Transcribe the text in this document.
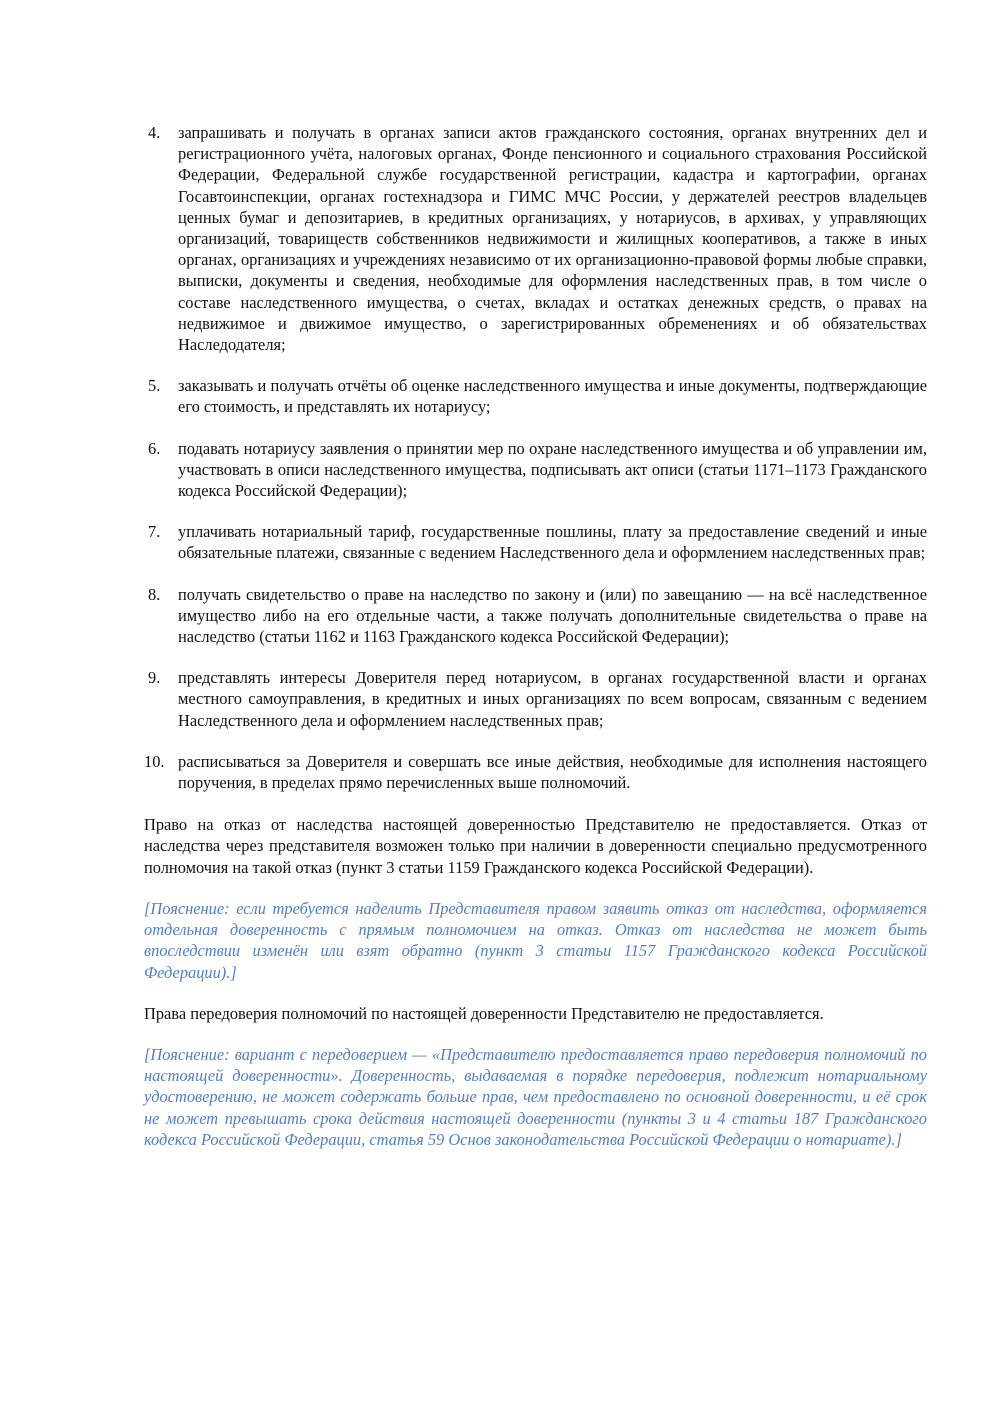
4. запрашивать и получать в органах записи актов гражданского состояния, органах внутренних дел и регистрационного учёта, налоговых органах, Фонде пенсионного и социального страхования Российской Федерации, Федеральной службе государственной регистрации, кадастра и картографии, органах Госавтоинспекции, органах гостехнадзора и ГИМС МЧС России, у держателей реестров владельцев ценных бумаг и депозитариев, в кредитных организациях, у нотариусов, в архивах, у управляющих организаций, товариществ собственников недвижимости и жилищных кооперативов, а также в иных органах, организациях и учреждениях независимо от их организационно-правовой формы любые справки, выписки, документы и сведения, необходимые для оформления наследственных прав, в том числе о составе наследственного имущества, о счетах, вкладах и остатках денежных средств, о правах на недвижимое и движимое имущество, о зарегистрированных обременениях и об обязательствах Наследодателя;
5. заказывать и получать отчёты об оценке наследственного имущества и иные документы, подтверждающие его стоимость, и представлять их нотариусу;
6. подавать нотариусу заявления о принятии мер по охране наследственного имущества и об управлении им, участвовать в описи наследственного имущества, подписывать акт описи (статьи 1171–1173 Гражданского кодекса Российской Федерации);
7. уплачивать нотариальный тариф, государственные пошлины, плату за предоставление сведений и иные обязательные платежи, связанные с ведением Наследственного дела и оформлением наследственных прав;
8. получать свидетельство о праве на наследство по закону и (или) по завещанию — на всё наследственное имущество либо на его отдельные части, а также получать дополнительные свидетельства о праве на наследство (статьи 1162 и 1163 Гражданского кодекса Российской Федерации);
9. представлять интересы Доверителя перед нотариусом, в органах государственной власти и органах местного самоуправления, в кредитных и иных организациях по всем вопросам, связанным с ведением Наследственного дела и оформлением наследственных прав;
10. расписываться за Доверителя и совершать все иные действия, необходимые для исполнения настоящего поручения, в пределах прямо перечисленных выше полномочий.

Право на отказ от наследства настоящей доверенностью Представителю не предоставляется. Отказ от наследства через представителя возможен только при наличии в доверенности специально предусмотренного полномочия на такой отказ (пункт 3 статьи 1159 Гражданского кодекса Российской Федерации).

[Пояснение: если требуется наделить Представителя правом заявить отказ от наследства, оформляется отдельная доверенность с прямым полномочием на отказ. Отказ от наследства не может быть впоследствии изменён или взят обратно (пункт 3 статьи 1157 Гражданского кодекса Российской Федерации).]

Права передоверия полномочий по настоящей доверенности Представителю не предоставляется.

[Пояснение: вариант с передоверием — «Представителю предоставляется право передоверия полномочий по настоящей доверенности». Доверенность, выдаваемая в порядке передоверия, подлежит нотариальному удостоверению, не может содержать больше прав, чем предоставлено по основной доверенности, и её срок не может превышать срока действия настоящей доверенности (пункты 3 и 4 статьи 187 Гражданского кодекса Российской Федерации, статья 59 Основ законодательства Российской Федерации о нотариате).]
